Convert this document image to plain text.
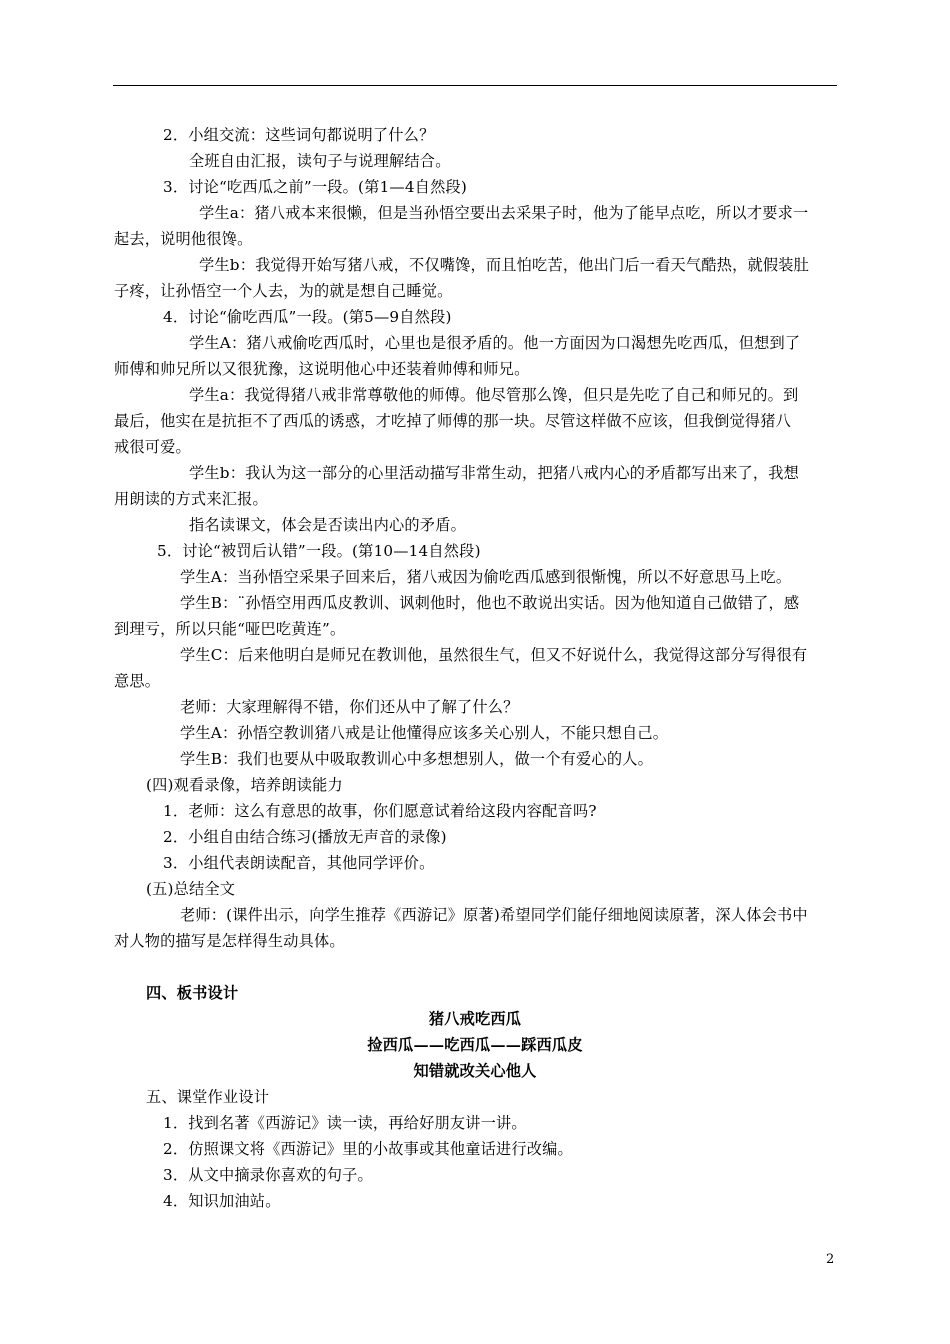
2．小组交流：这些词句都说明了什么？
全班自由汇报，读句子与说理解结合。
3．讨论“吃西瓜之前”一段。(第1—4自然段)
学生a：猪八戒本来很懒，但是当孙悟空要出去采果子时，他为了能早点吃，所以才要求一
起去，说明他很馋。
学生b：我觉得开始写猪八戒，不仅嘴馋，而且怕吃苦，他出门后一看天气酷热，就假装肚
子疼，让孙悟空一个人去，为的就是想自己睡觉。
4．讨论“偷吃西瓜”一段。(第5—9自然段)
学生A：猪八戒偷吃西瓜时，心里也是很矛盾的。他一方面因为口渴想先吃西瓜，但想到了
师傅和帅兄所以又很犹豫，这说明他心中还装着帅傅和师兄。
学生a：我觉得猪八戒非常尊敬他的师傅。他尽管那么馋，但只是先吃了自己和师兄的。到
最后，他实在是抗拒不了西瓜的诱惑，才吃掉了师傅的那一块。尽管这样做不应该，但我倒觉得猪八
戒很可爱。
学生b：我认为这一部分的心里活动描写非常生动，把猪八戒内心的矛盾都写出来了，我想
用朗读的方式来汇报。
指名读课文，体会是否读出内心的矛盾。
5．讨论“被罚后认错”一段。(第10—14自然段)
学生A：当孙悟空采果子回来后，猪八戒因为偷吃西瓜感到很惭愧，所以不好意思马上吃。
学生B：¨孙悟空用西瓜皮教训、讽刺他时，他也不敢说出实话。因为他知道自己做错了，感
到理亏，所以只能“哑巴吃黄连”。
学生C：后来他明白是师兄在教训他，虽然很生气，但又不好说什么，我觉得这部分写得很有
意思。
老师：大家理解得不错，你们还从中了解了什么？
学生A：孙悟空教训猪八戒是让他懂得应该多关心别人，不能只想自己。
学生B：我们也要从中吸取教训心中多想想别人，做一个有爱心的人。
(四)观看录像，培养朗读能力
1．老师：这么有意思的故事，你们愿意试着给这段内容配音吗?
2．小组自由结合练习(播放无声音的录像)
3．小组代表朗读配音，其他同学评价。
(五)总结全文
老师：(课件出示，向学生推荐《西游记》原著)希望同学们能仔细地阅读原著，深人体会书中
对人物的描写是怎样得生动具体。
四、板书设计
猪八戒吃西瓜
捡西瓜——吃西瓜——踩西瓜皮
知错就改关心他人
五、课堂作业设计
1．找到名著《西游记》读一读，再给好朋友讲一讲。
2．仿照课文将《西游记》里的小故事或其他童话进行改编。
3．从文中摘录你喜欢的句子。
4．知识加油站。
2
